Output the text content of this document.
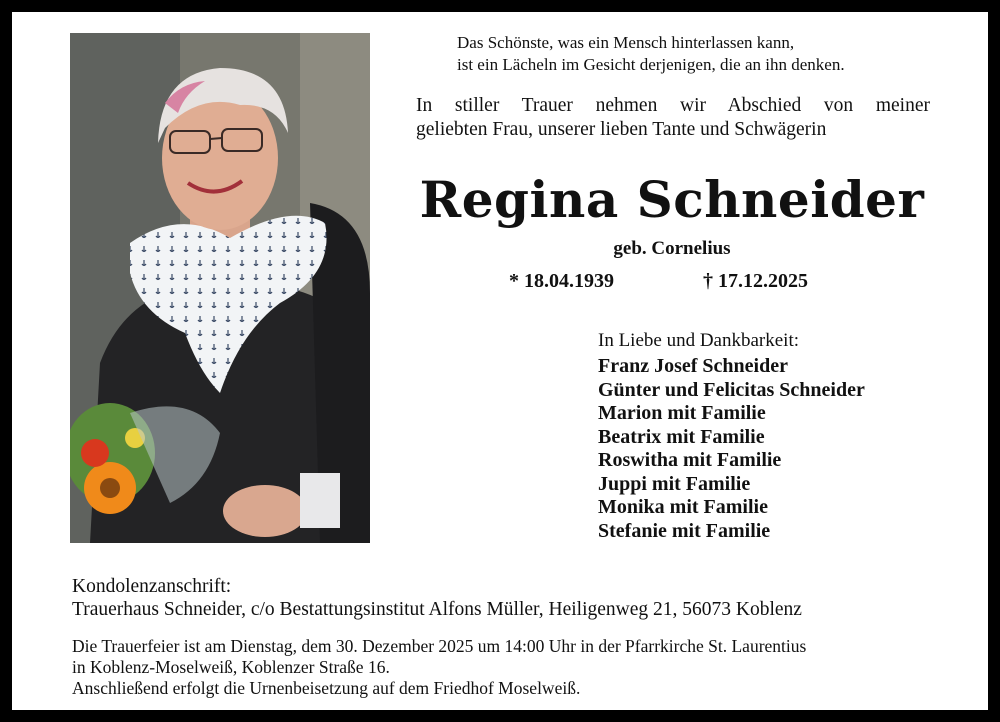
Das Schönste, was ein Mensch hinterlassen kann,
ist ein Lächeln im Gesicht derjenigen, die an ihn denken.
In stiller Trauer nehmen wir Abschied von meiner
geliebten Frau, unserer lieben Tante und Schwägerin
Regina Schneider
geb. Cornelius
* 18.04.1939	† 17.12.2025
In Liebe und Dankbarkeit:
Franz Josef Schneider
Günter und Felicitas Schneider
Marion mit Familie
Beatrix mit Familie
Roswitha mit Familie
Juppi mit Familie
Monika mit Familie
Stefanie mit Familie
Kondolenzanschrift:
Trauerhaus Schneider, c/o Bestattungsinstitut Alfons Müller, Heiligenweg 21, 56073 Koblenz
Die Trauerfeier ist am Dienstag, dem 30. Dezember 2025 um 14:00 Uhr in der Pfarrkirche St. Laurentius
in Koblenz-Moselweiß, Koblenzer Straße 16.
Anschließend erfolgt die Urnenbeisetzung auf dem Friedhof Moselweiß.
